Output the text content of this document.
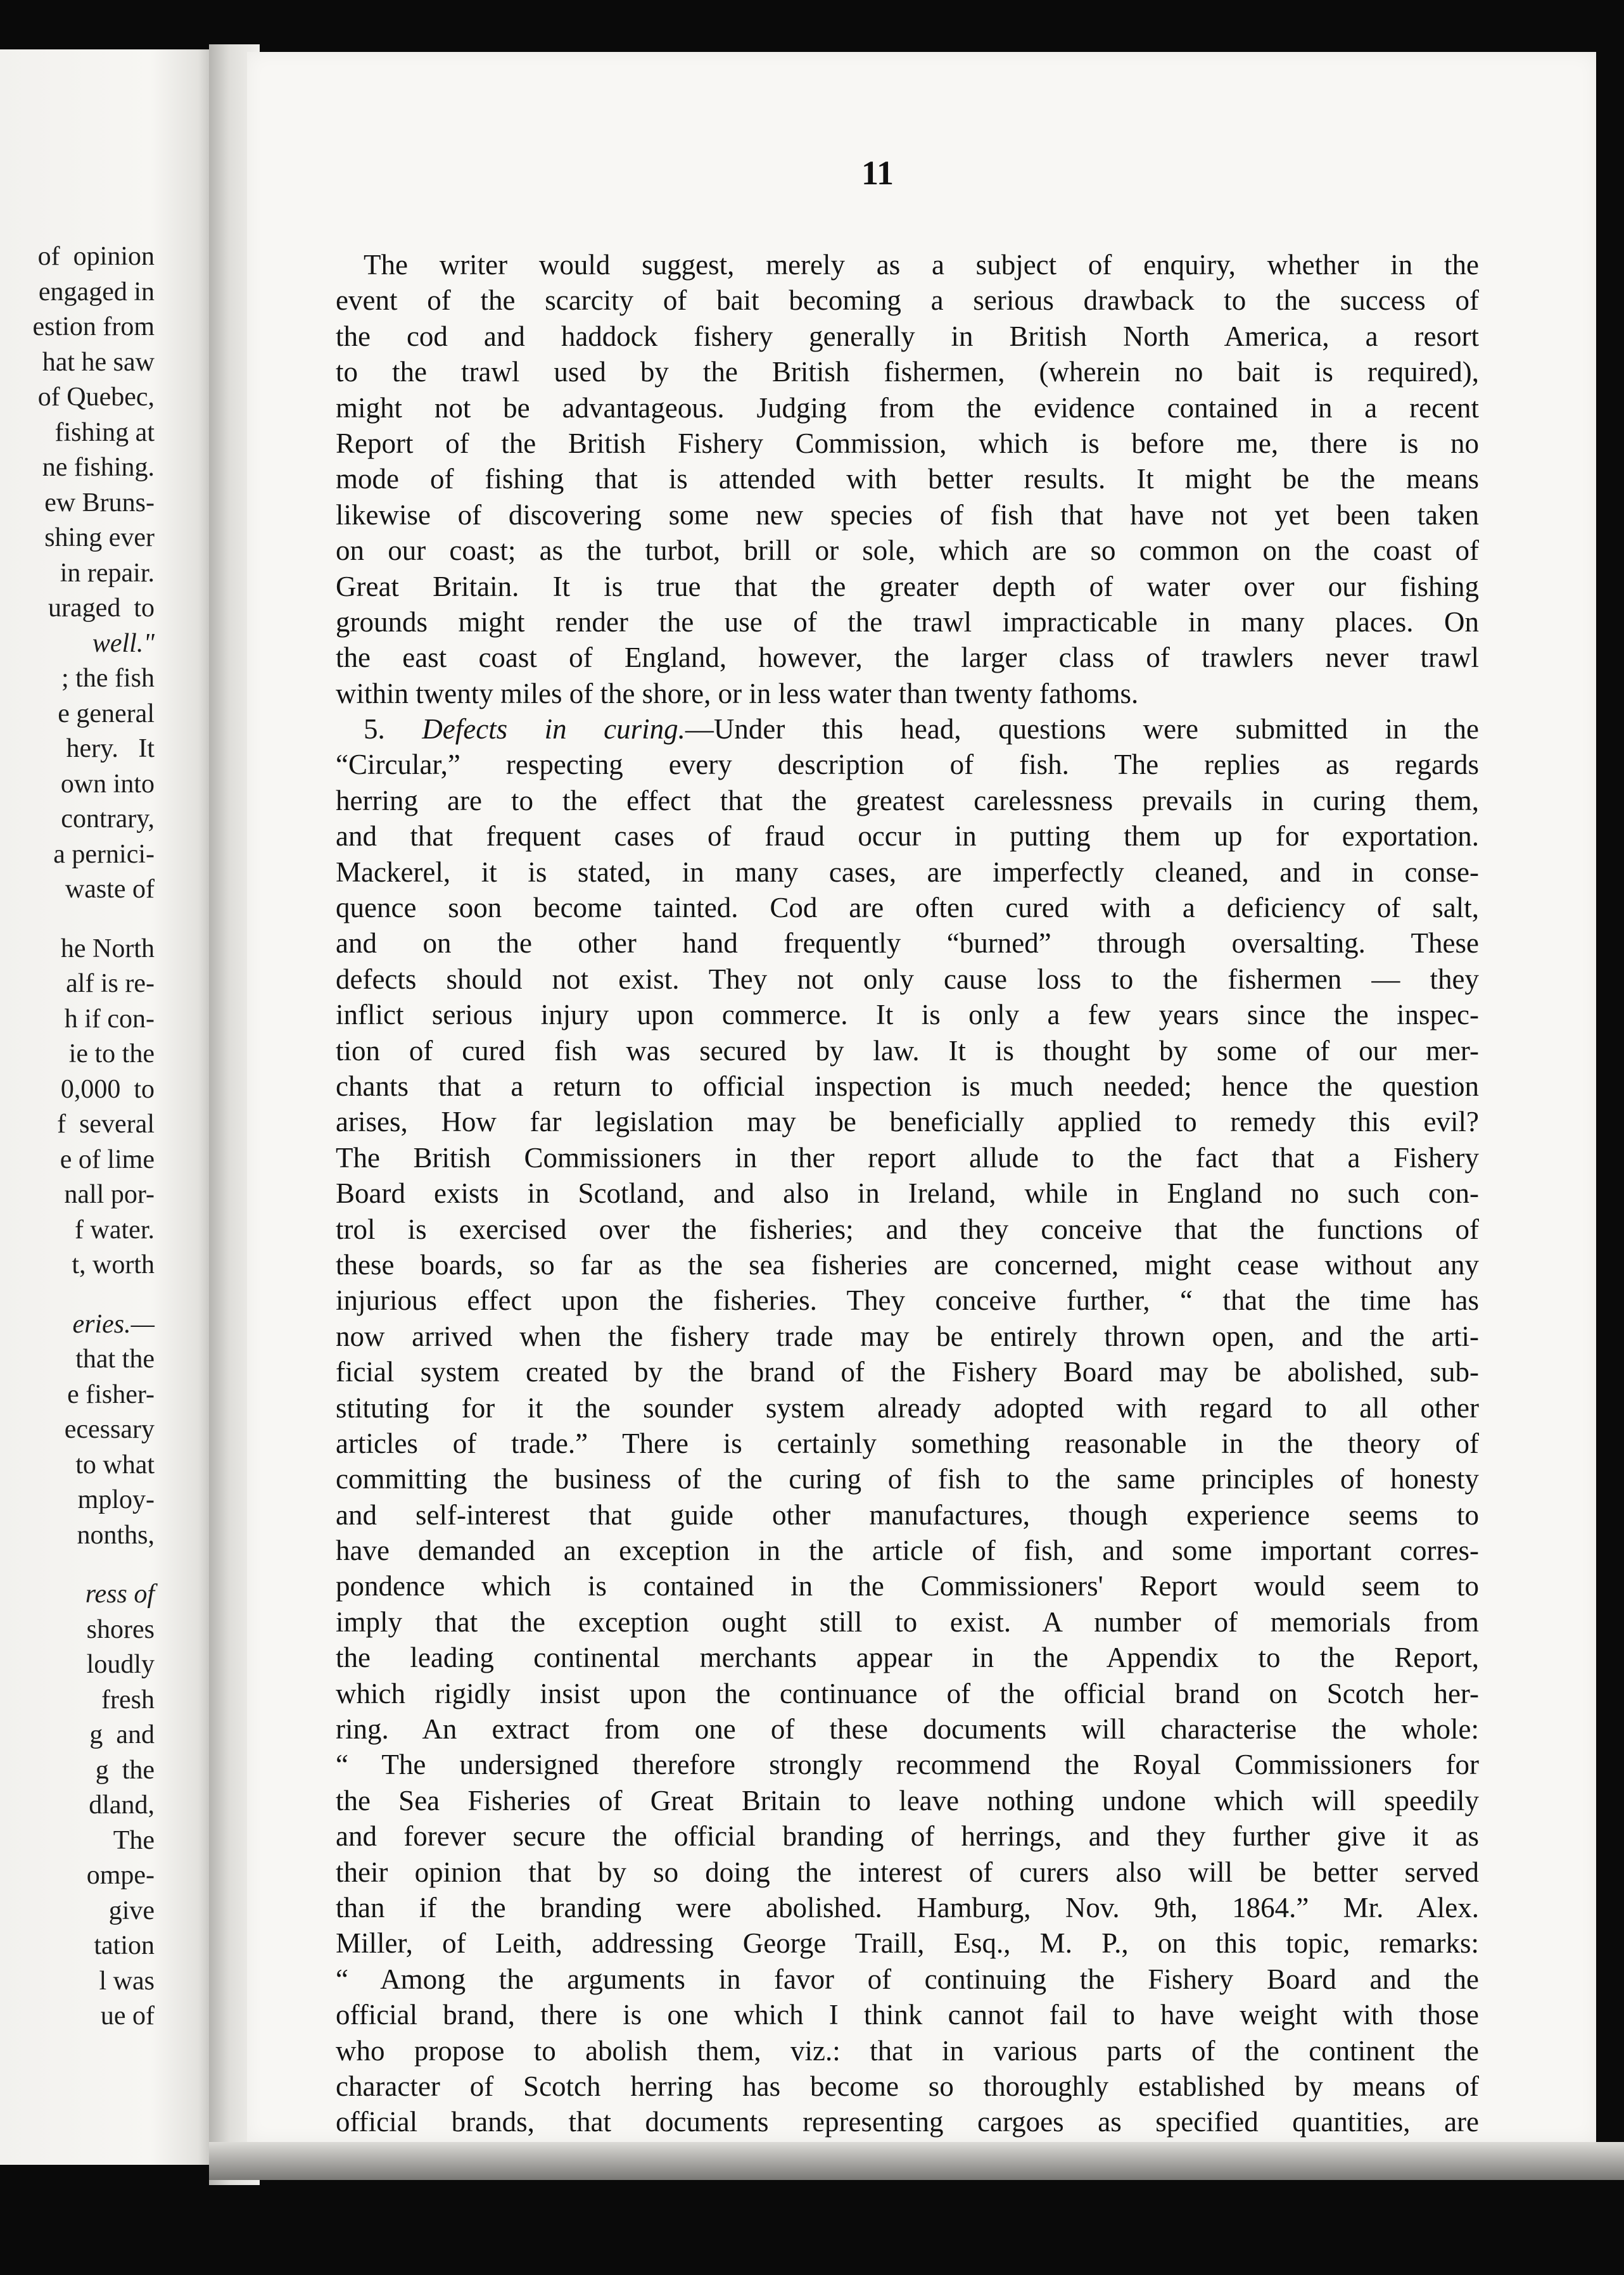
of  opinion
engaged in
estion from
hat he saw
of Quebec,
fishing at
ne fishing.
ew Bruns-
shing ever
in repair.
uraged  to
well."
; the fish
e general
hery.   It
own into
contrary,
a pernici-
waste of
he North
alf is re-
h if con-
ie to the
0,000  to
f  several
e of lime
nall por-
f water.
t, worth
eries.—
that the
e fisher-
ecessary
to what
mploy-
nonths,
ress of
shores
loudly
fresh
g  and
g  the
dland,
The
ompe-
give
tation
l was
ue of
11
The writer would suggest, merely as a subject of enquiry, whether in the
event of the scarcity of bait becoming a serious drawback to the success of
the cod and haddock fishery generally in British North America, a resort
to the trawl used by the British fishermen, (wherein no bait is required),
might not be advantageous. Judging from the evidence contained in a recent
Report of the British Fishery Commission, which is before me, there is no
mode of fishing that is attended with better results. It might be the means
likewise of discovering some new species of fish that have not yet been taken
on our coast; as the turbot, brill or sole, which are so common on the coast of
Great Britain. It is true that the greater depth of water over our fishing
grounds might render the use of the trawl impracticable in many places. On
the east coast of England, however, the larger class of trawlers never trawl
within twenty miles of the shore, or in less water than twenty fathoms.
5. Defects in curing.—Under this head, questions were submitted in the
“Circular,” respecting every description of fish. The replies as regards
herring are to the effect that the greatest carelessness prevails in curing them,
and that frequent cases of fraud occur in putting them up for exportation.
Mackerel, it is stated, in many cases, are imperfectly cleaned, and in conse-
quence soon become tainted. Cod are often cured with a deficiency of salt,
and on the other hand frequently “burned” through oversalting. These
defects should not exist. They not only cause loss to the fishermen — they
inflict serious injury upon commerce. It is only a few years since the inspec-
tion of cured fish was secured by law. It is thought by some of our mer-
chants that a return to official inspection is much needed; hence the question
arises, How far legislation may be beneficially applied to remedy this evil?
The British Commissioners in ther report allude to the fact that a Fishery
Board exists in Scotland, and also in Ireland, while in England no such con-
trol is exercised over the fisheries; and they conceive that the functions of
these boards, so far as the sea fisheries are concerned, might cease without any
injurious effect upon the fisheries. They conceive further, “ that the time has
now arrived when the fishery trade may be entirely thrown open, and the arti-
ficial system created by the brand of the Fishery Board may be abolished, sub-
stituting for it the sounder system already adopted with regard to all other
articles of trade.” There is certainly something reasonable in the theory of
committing the business of the curing of fish to the same principles of honesty
and self-interest that guide other manufactures, though experience seems to
have demanded an exception in the article of fish, and some important corres-
pondence which is contained in the Commissioners' Report would seem to
imply that the exception ought still to exist. A number of memorials from
the leading continental merchants appear in the Appendix to the Report,
which rigidly insist upon the continuance of the official brand on Scotch her-
ring. An extract from one of these documents will characterise the whole:
“ The undersigned therefore strongly recommend the Royal Commissioners for
the Sea Fisheries of Great Britain to leave nothing undone which will speedily
and forever secure the official branding of herrings, and they further give it as
their opinion that by so doing the interest of curers also will be better served
than if the branding were abolished. Hamburg, Nov. 9th, 1864.” Mr. Alex.
Miller, of Leith, addressing George Traill, Esq., M. P., on this topic, remarks:
“ Among the arguments in favor of continuing the Fishery Board and the
official brand, there is one which I think cannot fail to have weight with those
who propose to abolish them, viz.: that in various parts of the continent the
character of Scotch herring has become so thoroughly established by means of
official brands, that documents representing cargoes as specified quantities, are
